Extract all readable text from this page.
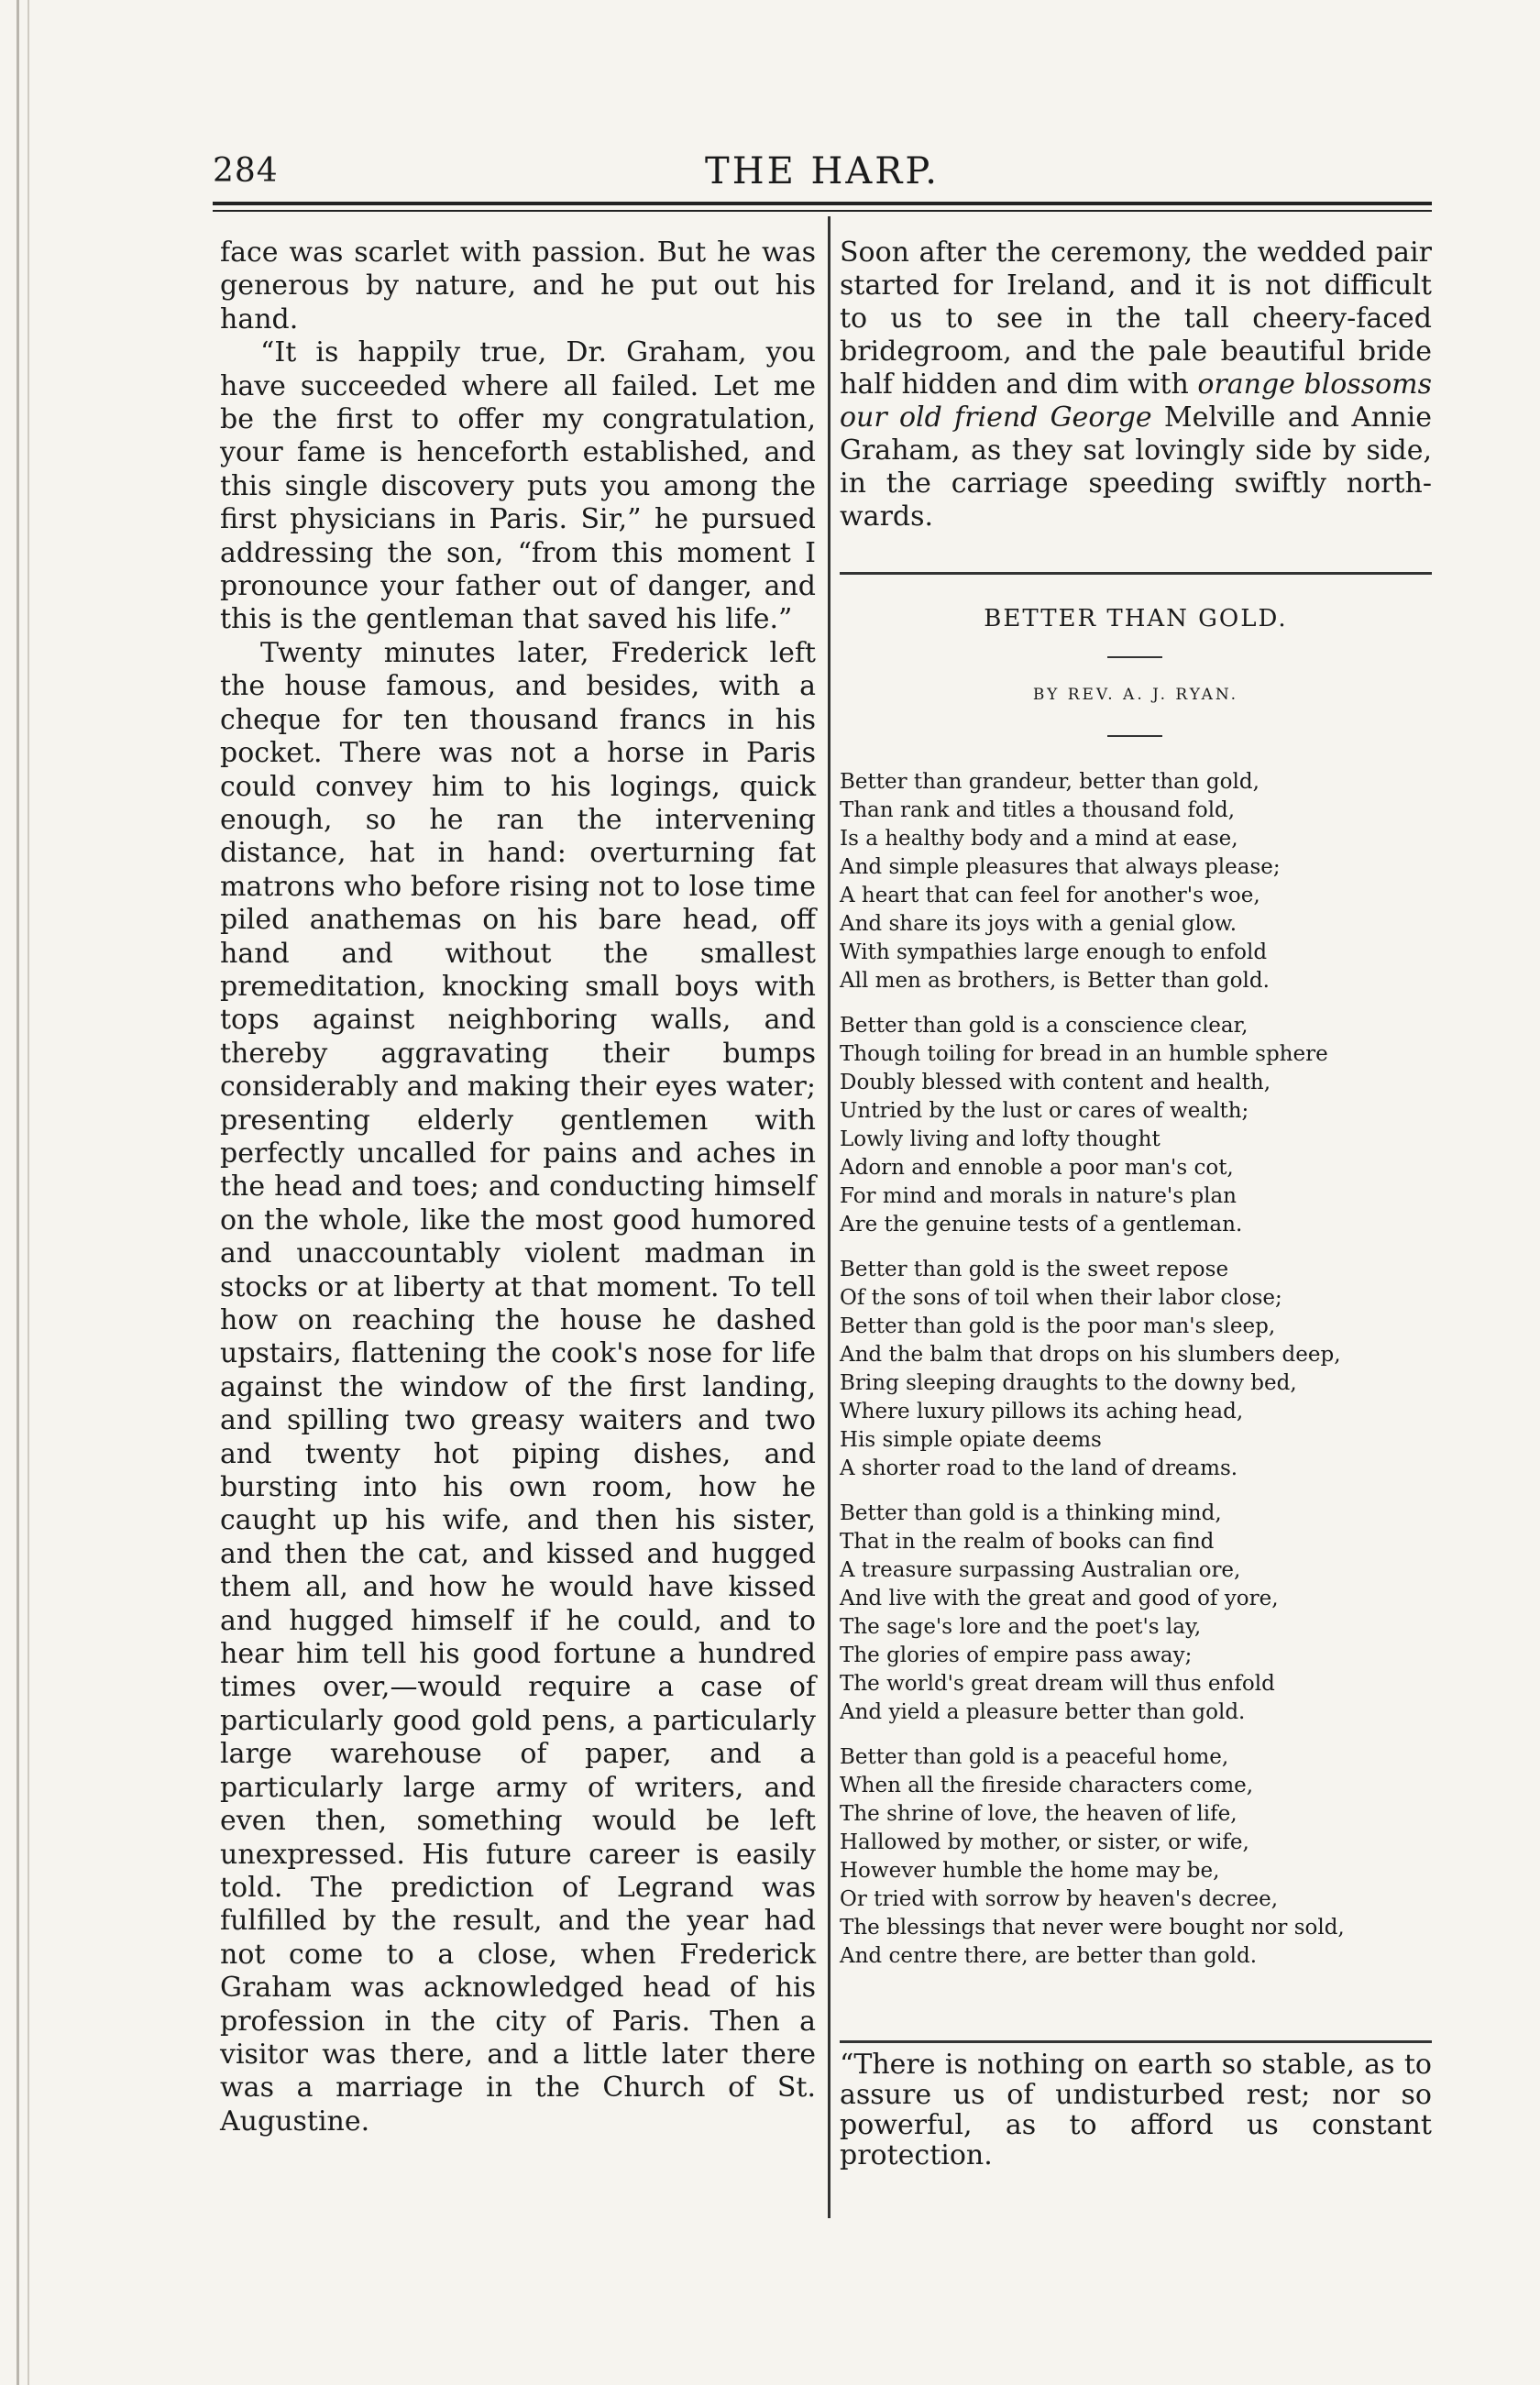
284	THE HARP.

face was scarlet with passion. But he was generous by nature, and he put out his hand.

“It is happily true, Dr. Graham, you have succeeded where all failed. Let me be the first to offer my congratulation, your fame is henceforth established, and this single discovery puts you among the first physicians in Paris. Sir,” he pursued addressing the son, “from this moment I pronounce your father out of danger, and this is the gentleman that saved his life.”

Twenty minutes later, Frederick left the house famous, and besides, with a cheque for ten thousand francs in his pocket. There was not a horse in Paris could convey him to his logings, quick enough, so he ran the intervening distance, hat in hand: overturning fat matrons who before rising not to lose time piled anathemas on his bare head, off hand and without the smallest premeditation, knocking small boys with tops against neighboring walls, and thereby aggravating their bumps considerably and making their eyes water; presenting elderly gentlemen with perfectly uncalled for pains and aches in the head and toes; and conducting himself on the whole, like the most good humored and unaccountably violent madman in stocks or at liberty at that moment. To tell how on reaching the house he dashed upstairs, flattening the cook's nose for life against the window of the first landing, and spilling two greasy waiters and two and twenty hot piping dishes, and bursting into his own room, how he caught up his wife, and then his sister, and then the cat, and kissed and hugged them all, and how he would have kissed and hugged himself if he could, and to hear him tell his good fortune a hundred times over,—would require a case of particularly good gold pens, a particularly large warehouse of paper, and a particularly large army of writers, and even then, something would be left unexpressed. His future career is easily told. The prediction of Legrand was fulfilled by the result, and the year had not come to a close, when Frederick Graham was acknowledged head of his profession in the city of Paris. Then a visitor was there, and a little later there was a marriage in the Church of St. Augustine.

Soon after the ceremony, the wedded pair started for Ireland, and it is not difficult to us to see in the tall cheery-faced bridegroom, and the pale beautiful bride half hidden and dim with orange blossoms our old friend George Melville and Annie Graham, as they sat lovingly side by side, in the carriage speeding swiftly north-wards.

BETTER THAN GOLD.
BY REV. A. J. RYAN.
Better than grandeur, better than gold,
Than rank and titles a thousand fold,
Is a healthy body and a mind at ease,
And simple pleasures that always please;
A heart that can feel for another's woe,
And share its joys with a genial glow.
With sympathies large enough to enfold
All men as brothers, is Better than gold.
Better than gold is a conscience clear,
Though toiling for bread in an humble sphere
Doubly blessed with content and health,
Untried by the lust or cares of wealth;
Lowly living and lofty thought
Adorn and ennoble a poor man's cot,
For mind and morals in nature's plan
Are the genuine tests of a gentleman.
Better than gold is the sweet repose
Of the sons of toil when their labor close;
Better than gold is the poor man's sleep,
And the balm that drops on his slumbers deep,
Bring sleeping draughts to the downy bed,
Where luxury pillows its aching head,
His simple opiate deems
A shorter road to the land of dreams.
Better than gold is a thinking mind,
That in the realm of books can find
A treasure surpassing Australian ore,
And live with the great and good of yore,
The sage's lore and the poet's lay,
The glories of empire pass away;
The world's great dream will thus enfold
And yield a pleasure better than gold.
Better than gold is a peaceful home,
When all the fireside characters come,
The shrine of love, the heaven of life,
Hallowed by mother, or sister, or wife,
However humble the home may be,
Or tried with sorrow by heaven's decree,
The blessings that never were bought nor sold,
And centre there, are better than gold.

“There is nothing on earth so stable, as to assure us of undisturbed rest; nor so powerful, as to afford us constant protection.
